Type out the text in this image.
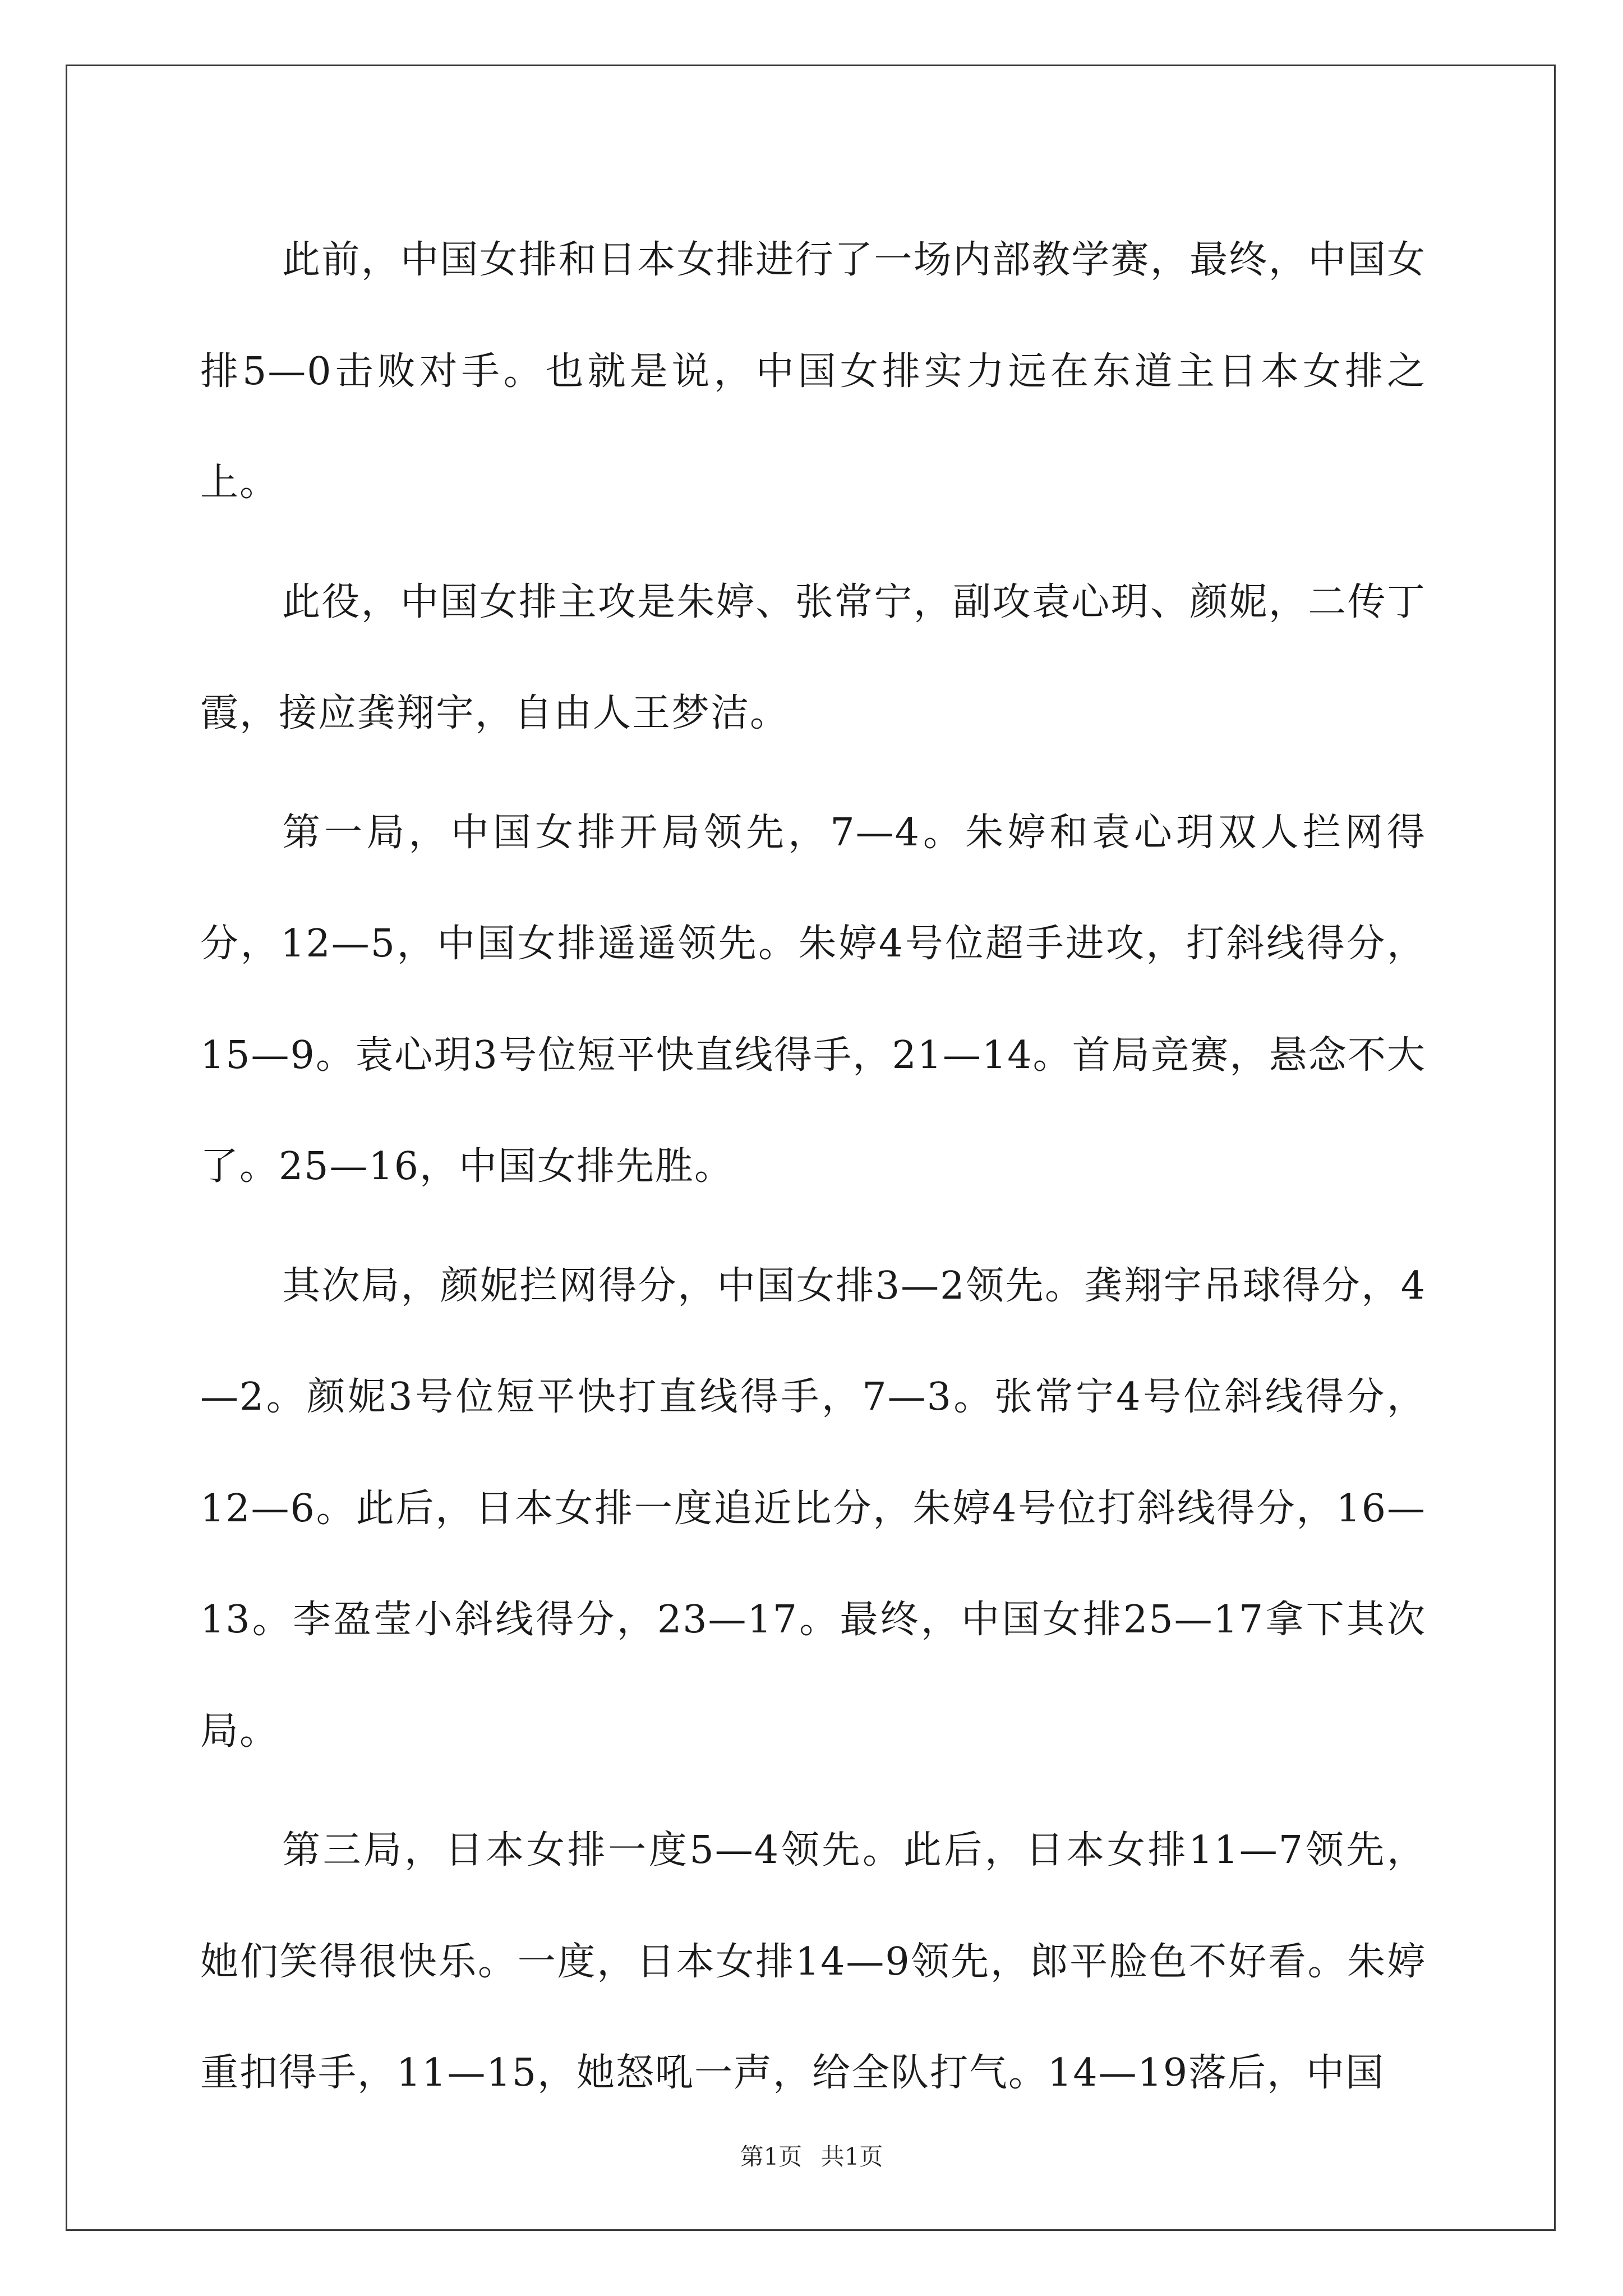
此前，中国女排和日本女排进行了一场内部教学赛，最终，中国女排5—0击败对手。也就是说，中国女排实力远在东道主日本女排之上。

此役，中国女排主攻是朱婷、张常宁，副攻袁心玥、颜妮，二传丁霞，接应龚翔宇，自由人王梦洁。

第一局，中国女排开局领先，7—4。朱婷和袁心玥双人拦网得分，12—5，中国女排遥遥领先。朱婷4号位超手进攻，打斜线得分，15—9。袁心玥3号位短平快直线得手，21—14。首局竞赛，悬念不大了。25—16，中国女排先胜。

其次局，颜妮拦网得分，中国女排3—2领先。龚翔宇吊球得分，4—2。颜妮3号位短平快打直线得手，7—3。张常宁4号位斜线得分，12—6。此后，日本女排一度追近比分，朱婷4号位打斜线得分，16—13。李盈莹小斜线得分，23—17。最终，中国女排25—17拿下其次局。

第三局，日本女排一度5—4领先。此后，日本女排11—7领先，她们笑得很快乐。一度，日本女排14—9领先，郎平脸色不好看。朱婷重扣得手，11—15，她怒吼一声，给全队打气。14—19落后，中国

第1页 共1页
